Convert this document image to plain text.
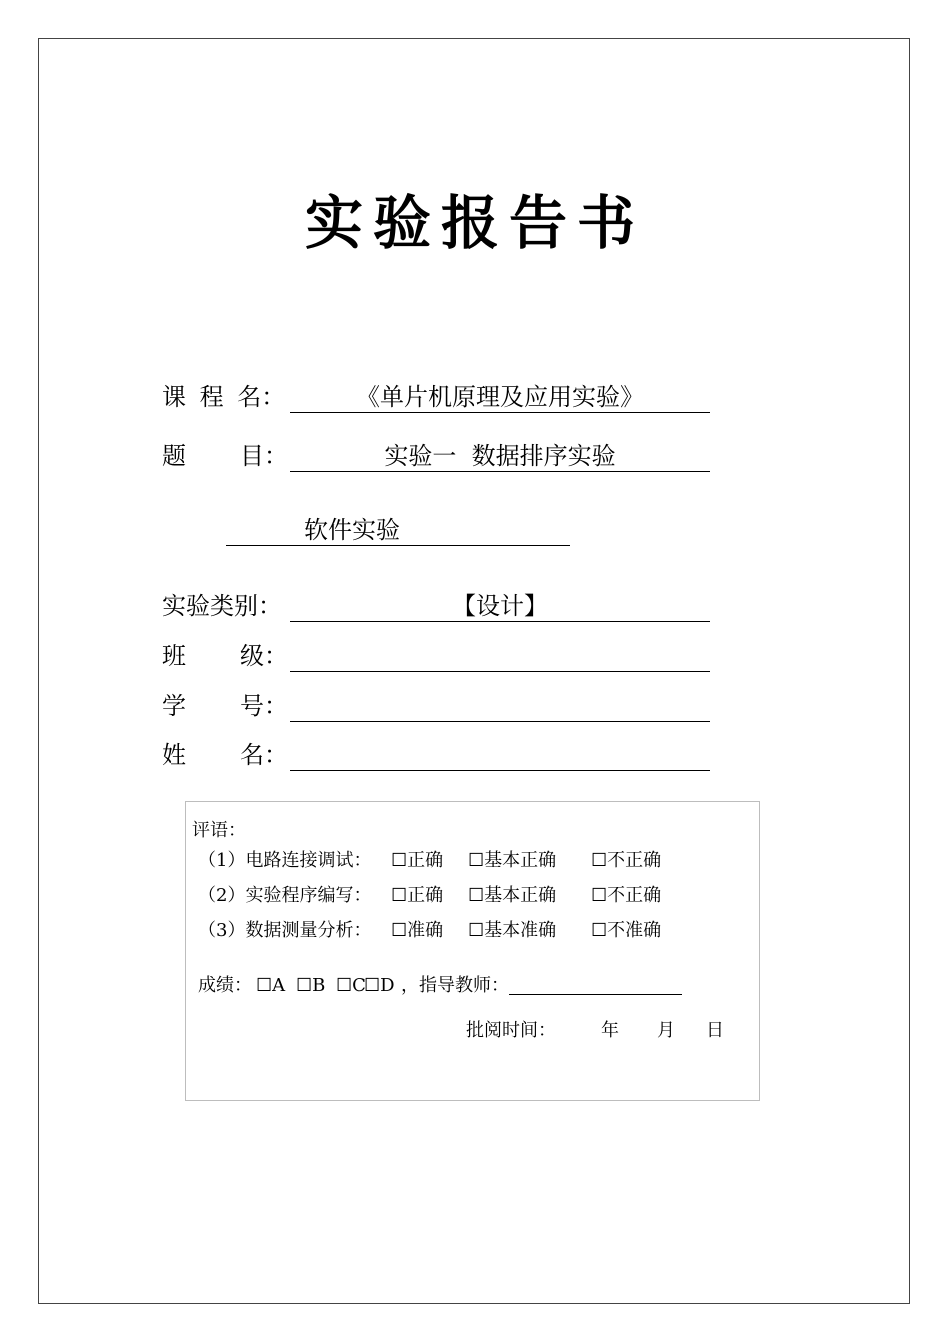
实验报告书
课 程 名：	《单片机原理及应用实验》
题 目：	实验一  数据排序实验
软件实验
实验类别：	【设计】
班 级：
学 号：
姓 名：
评语：
（1）电路连接调试： ☐正确 ☐基本正确 ☐不正确
（2）实验程序编写： ☐正确 ☐基本正确 ☐不正确
（3）数据测量分析： ☐准确 ☐基本准确 ☐不准确
成绩： ☐A ☐B ☐C
☐D ，指导教师：
批阅时间：	年 月 日
